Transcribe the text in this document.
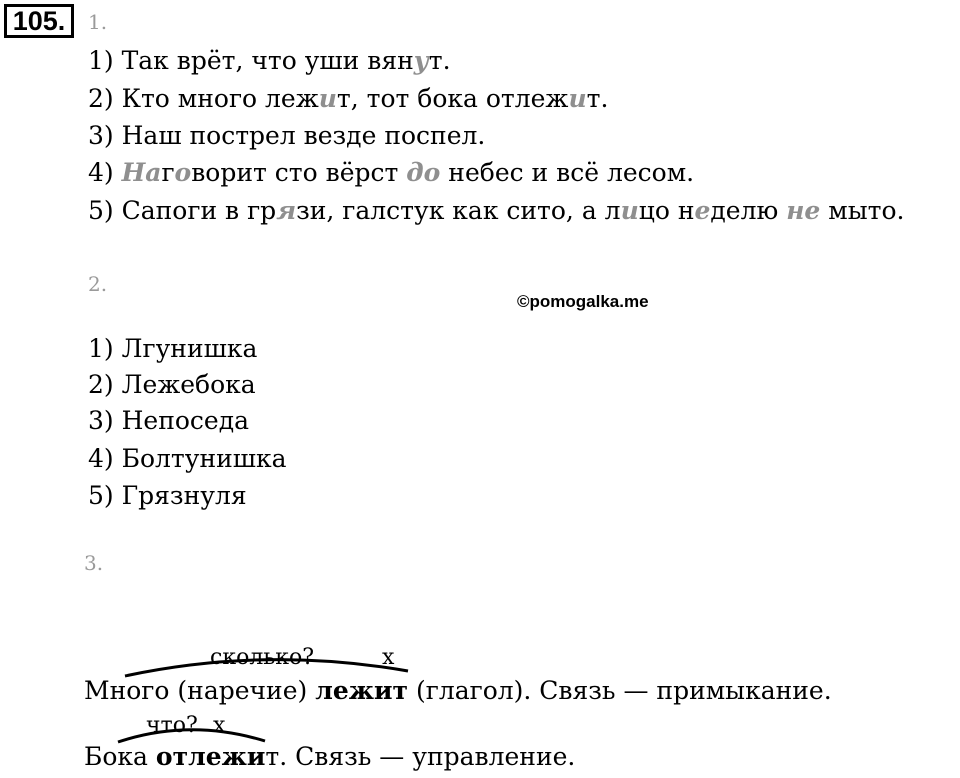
105.	1.
1) Так врёт, что уши вянут.
2) Кто много лежит, тот бока отлежит.
3) Наш пострел везде поспел.
4) Наговорит сто вёрст до небес и всё лесом.
5) Сапоги в грязи, галстук как сито, а лицо неделю не мыто.
2.
©pomogalka.me
1) Лгунишка
2) Лежебока
3) Непоседа
4) Болтунишка
5) Грязнуля
3.
сколько?	x
Много (наречие) лежит (глагол). Связь — примыкание.
что? x
Бока отлежит. Связь — управление.
